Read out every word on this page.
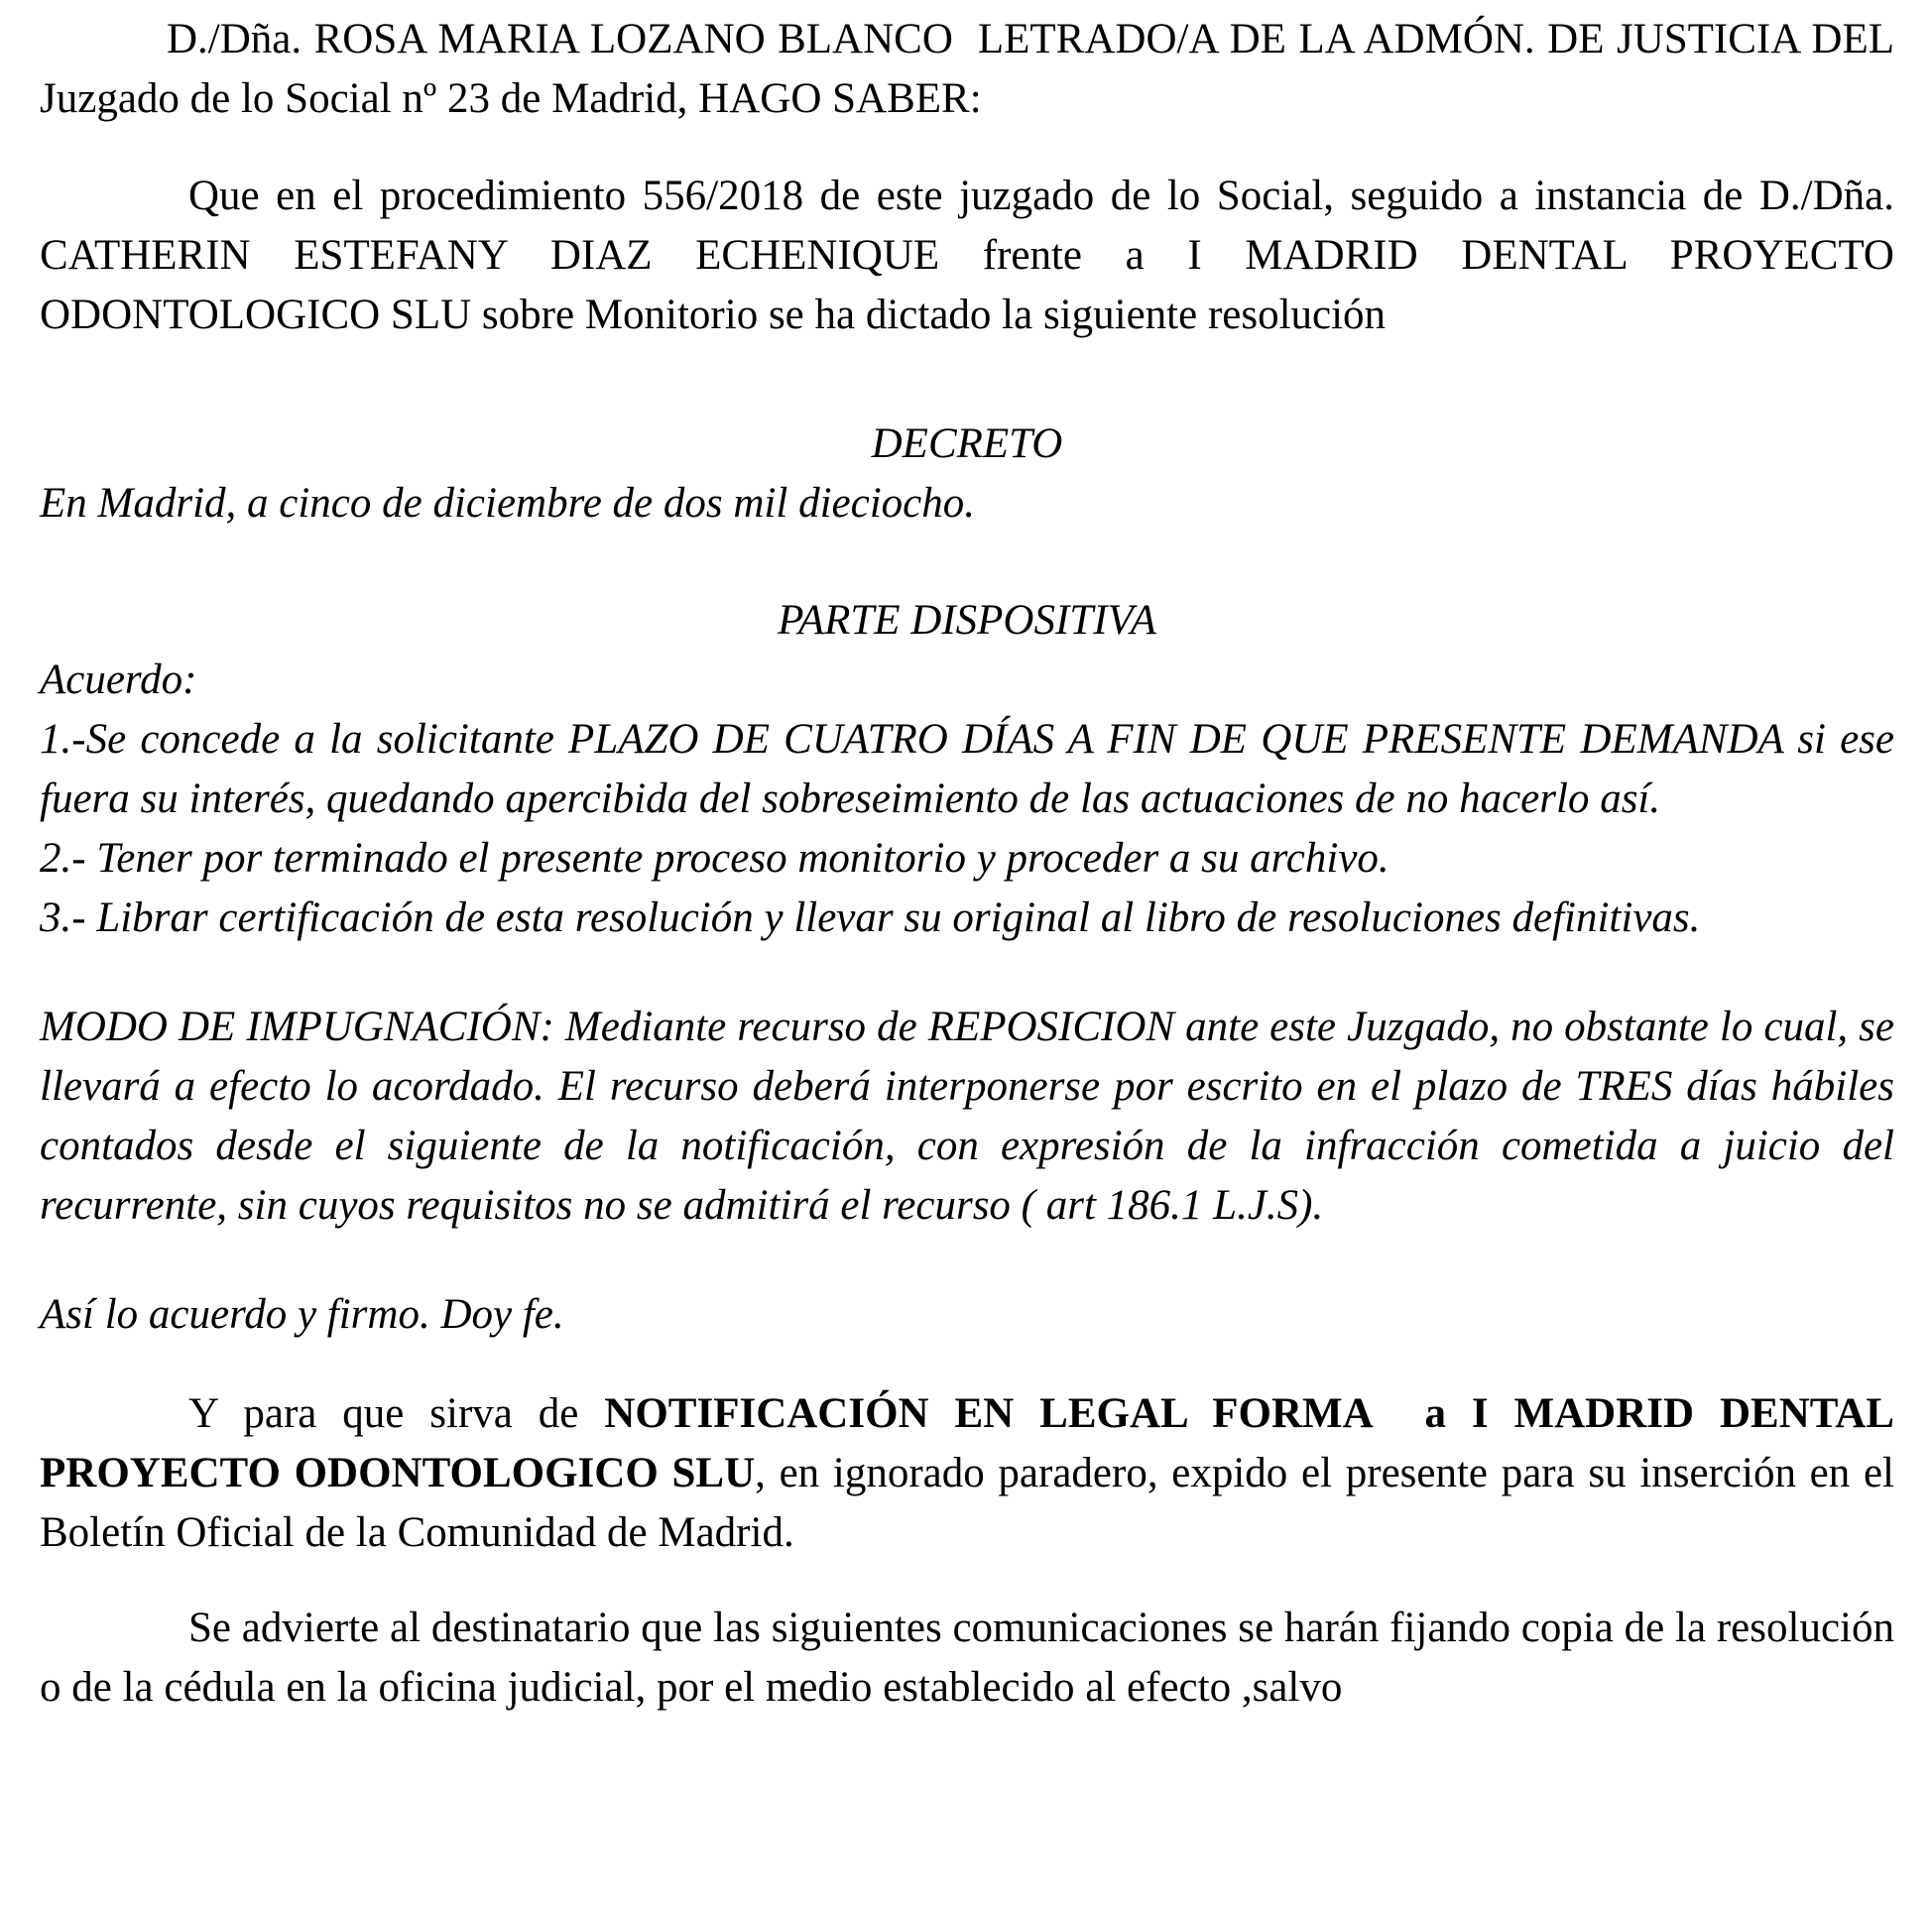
D./Dña. ROSA MARIA LOZANO BLANCO  LETRADO/A DE LA ADMÓN. DE JUSTICIA DEL Juzgado de lo Social nº 23 de Madrid, HAGO SABER:

Que en el procedimiento 556/2018 de este juzgado de lo Social, seguido a instancia de D./Dña. CATHERIN ESTEFANY DIAZ ECHENIQUE frente a I MADRID DENTAL PROYECTO ODONTOLOGICO SLU sobre Monitorio se ha dictado la siguiente resolución

DECRETO

En Madrid, a cinco de diciembre de dos mil dieciocho.

PARTE DISPOSITIVA

Acuerdo:

1.-Se concede a la solicitante PLAZO DE CUATRO DÍAS A FIN DE QUE PRESENTE DEMANDA si ese fuera su interés, quedando apercibida del sobreseimiento de las actuaciones de no hacerlo así.

2.- Tener por terminado el presente proceso monitorio y proceder a su archivo.

3.- Librar certificación de esta resolución y llevar su original al libro de resoluciones definitivas.

MODO DE IMPUGNACIÓN: Mediante recurso de REPOSICION ante este Juzgado, no obstante lo cual, se llevará a efecto lo acordado. El recurso deberá interponerse por escrito en el plazo de TRES días hábiles contados desde el siguiente de la notificación, con expresión de la infracción cometida a juicio del recurrente, sin cuyos requisitos no se admitirá el recurso ( art 186.1 L.J.S).

Así lo acuerdo y firmo. Doy fe.

Y para que sirva de NOTIFICACIÓN EN LEGAL FORMA  a I MADRID DENTAL PROYECTO ODONTOLOGICO SLU, en ignorado paradero, expido el presente para su inserción en el Boletín Oficial de la Comunidad de Madrid.

Se advierte al destinatario que las siguientes comunicaciones se harán fijando copia de la resolución o de la cédula en la oficina judicial, por el medio establecido al efecto ,salvo
